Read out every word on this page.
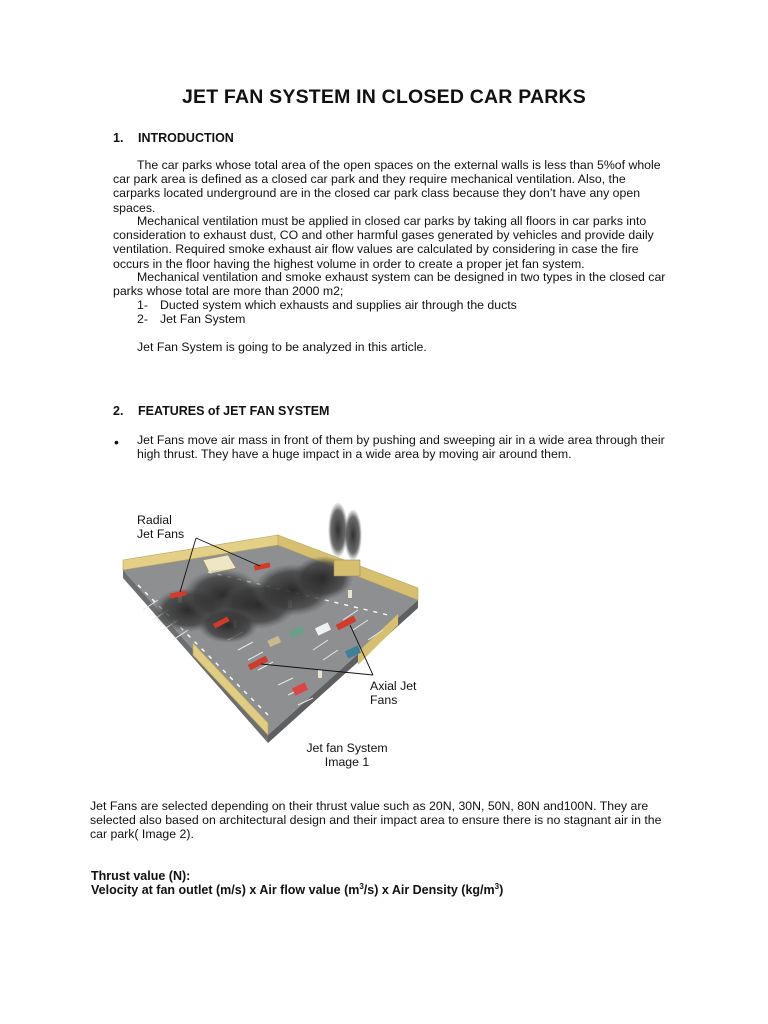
JET FAN SYSTEM IN CLOSED CAR PARKS
1. INTRODUCTION
The car parks whose total area of the open spaces on the external walls is less than 5%of whole car park area is defined as a closed car park and they require mechanical ventilation. Also, the carparks located underground are in the closed car park class because they don’t have any open spaces.
Mechanical ventilation must be applied in closed car parks by taking all floors in car parks into consideration to exhaust dust, CO and other harmful gases generated by vehicles and provide daily ventilation. Required smoke exhaust air flow values are calculated by considering in case the fire occurs in the floor having the highest volume in order to create a proper jet fan system.
Mechanical ventilation and smoke exhaust system can be designed in two types in the closed car parks whose total are more than 2000 m2;
1- Ducted system which exhausts and supplies air through the ducts
2- Jet Fan System
Jet Fan System is going to be analyzed in this article.
2. FEATURES of JET FAN SYSTEM
• Jet Fans move air mass in front of them by pushing and sweeping air in a wide area through their high thrust. They have a huge impact in a wide area by moving air around them.
Radial
Jet Fans
Axial Jet
Fans
Jet fan System
Image 1
Jet Fans are selected depending on their thrust value such as 20N, 30N, 50N, 80N and100N. They are selected also based on architectural design and their impact area to ensure there is no stagnant air in the car park( Image 2).
Thrust value (N):
Velocity at fan outlet (m/s) x Air flow value $(m^3/s)$ x Air Density $(kg/m^3)$
